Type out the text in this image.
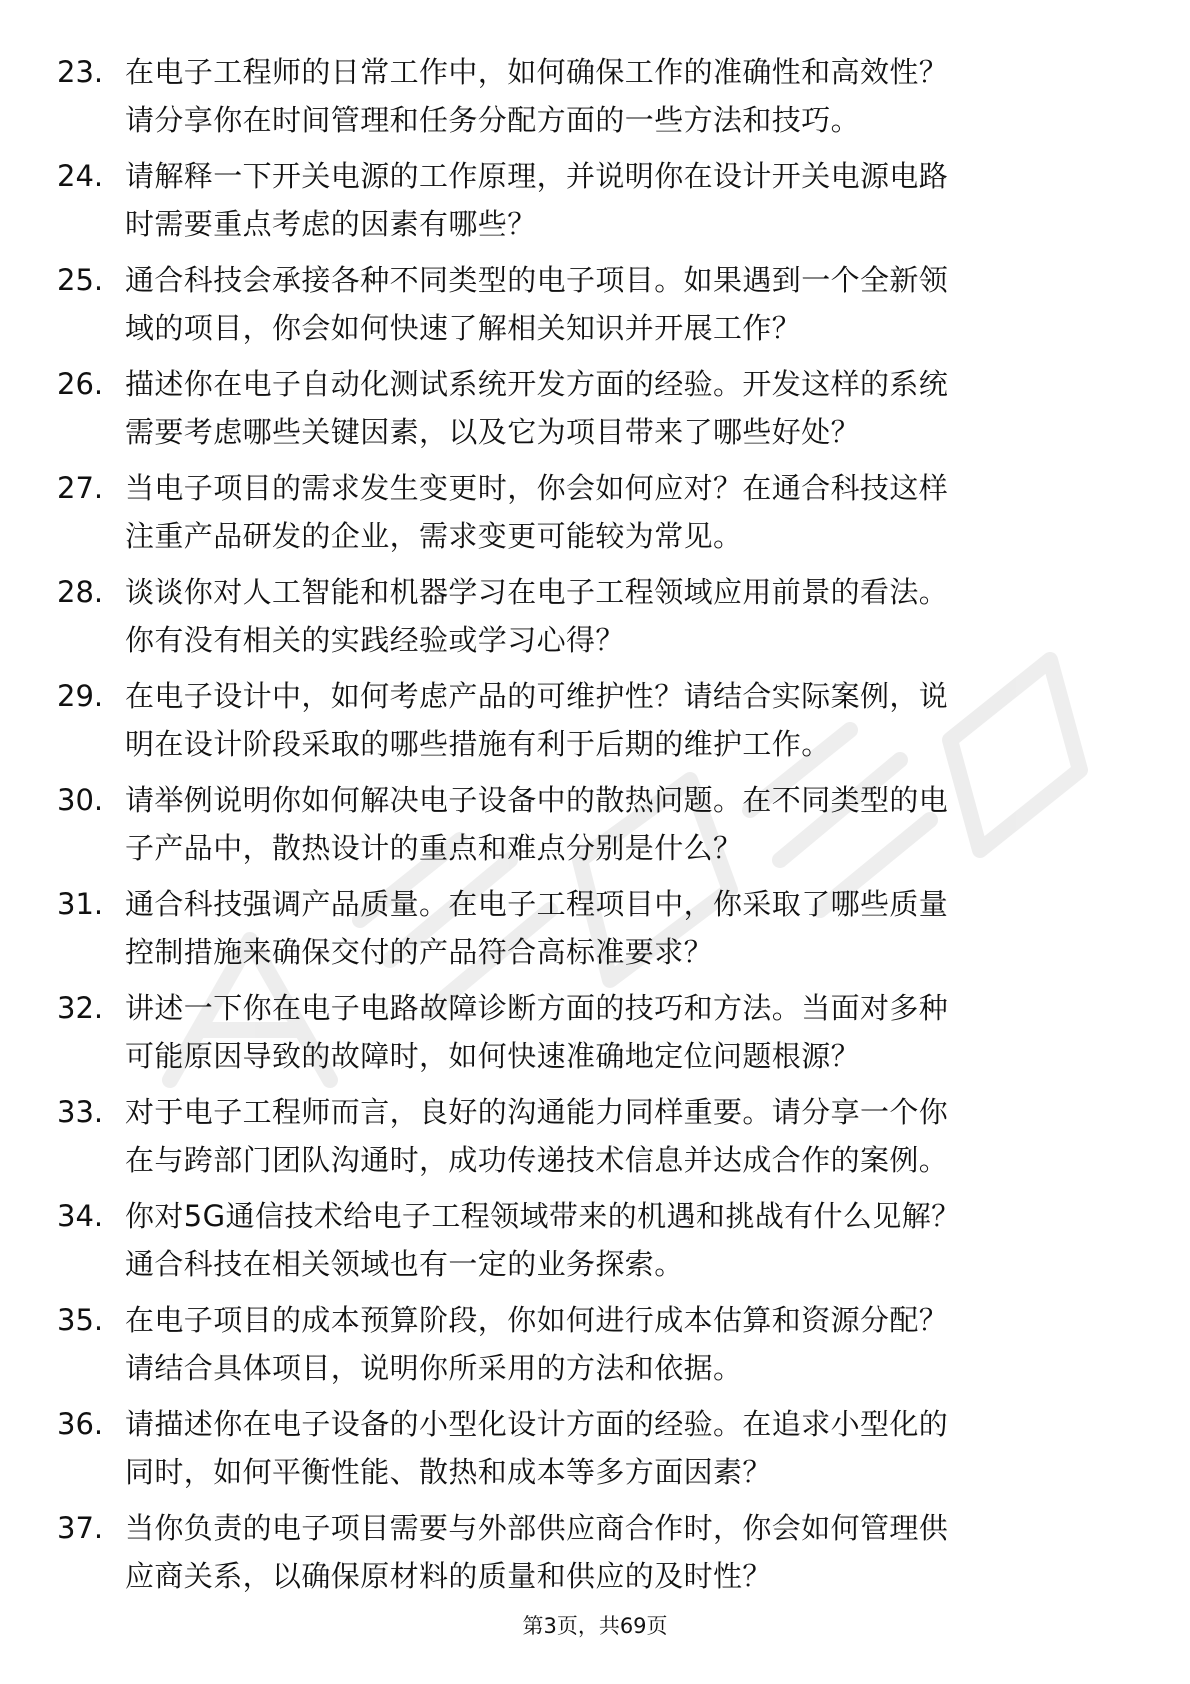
23. 在电子工程师的日常工作中，如何确保工作的准确性和高效性？
请分享你在时间管理和任务分配方面的一些方法和技巧。
24. 请解释一下开关电源的工作原理，并说明你在设计开关电源电路
时需要重点考虑的因素有哪些？
25. 通合科技会承接各种不同类型的电子项目。如果遇到一个全新领
域的项目，你会如何快速了解相关知识并开展工作？
26. 描述你在电子自动化测试系统开发方面的经验。开发这样的系统
需要考虑哪些关键因素，以及它为项目带来了哪些好处？
27. 当电子项目的需求发生变更时，你会如何应对？在通合科技这样
注重产品研发的企业，需求变更可能较为常见。
28. 谈谈你对人工智能和机器学习在电子工程领域应用前景的看法。
你有没有相关的实践经验或学习心得？
29. 在电子设计中，如何考虑产品的可维护性？请结合实际案例，说
明在设计阶段采取的哪些措施有利于后期的维护工作。
30. 请举例说明你如何解决电子设备中的散热问题。在不同类型的电
子产品中，散热设计的重点和难点分别是什么？
31. 通合科技强调产品质量。在电子工程项目中，你采取了哪些质量
控制措施来确保交付的产品符合高标准要求？
32. 讲述一下你在电子电路故障诊断方面的技巧和方法。当面对多种
可能原因导致的故障时，如何快速准确地定位问题根源？
33. 对于电子工程师而言，良好的沟通能力同样重要。请分享一个你
在与跨部门团队沟通时，成功传递技术信息并达成合作的案例。
34. 你对5G通信技术给电子工程领域带来的机遇和挑战有什么见解？
通合科技在相关领域也有一定的业务探索。
35. 在电子项目的成本预算阶段，你如何进行成本估算和资源分配？
请结合具体项目，说明你所采用的方法和依据。
36. 请描述你在电子设备的小型化设计方面的经验。在追求小型化的
同时，如何平衡性能、散热和成本等多方面因素？
37. 当你负责的电子项目需要与外部供应商合作时，你会如何管理供
应商关系，以确保原材料的质量和供应的及时性？
第3页，共69页
